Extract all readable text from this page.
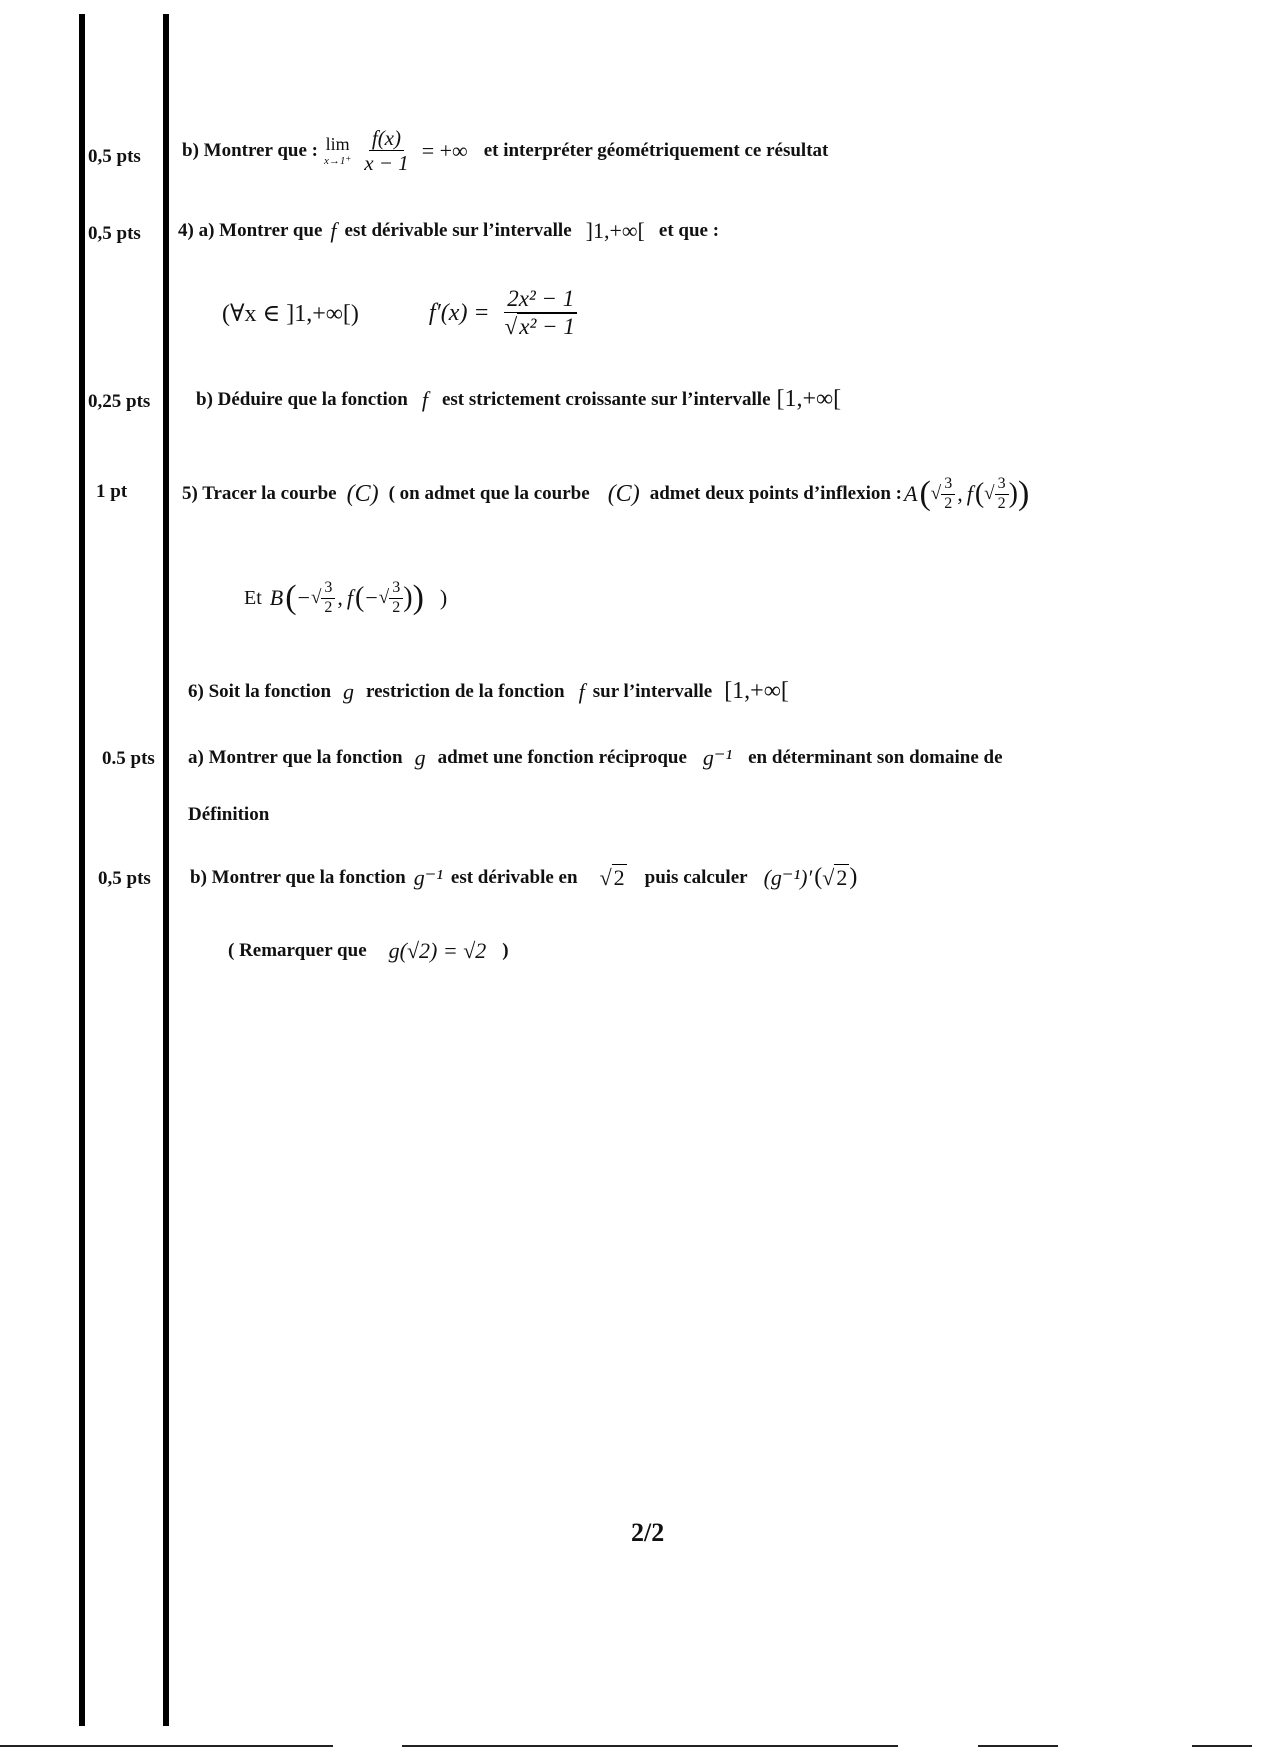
0,5 pts
0,5 pts
0,25 pts
1 pt
0.5 pts
0,5 pts
b) Montrer que : lim
$x\to 1^+ \frac{f(x)}{x - 1}$ = +∞ et interpréter géométriquement ce résultat
4) a) Montrer que f est dérivable sur l’intervalle ]1,+∞[ et que :
(∀x ∈ ]1,+∞[)	$f'(x) = \frac{\text{2x² − 1}}{\text{√ x² − 1}}$
b) Déduire que la fonction f est strictement croissante sur l’intervalle [1,+∞[
5) Tracer la courbe (C) ( on admet que la courbe (C) admet deux points d’inflexion : A ( √ $\frac{3}{2}$ , f ( √ $\frac{3}{2}$ ) )
Et B ( − √ $\frac{3}{2}$ , f ( − √ $\frac{3}{2}$ ) ) )
6) Soit la fonction g restriction de la fonction f sur l’intervalle [1,+∞[
a) Montrer que la fonction g admet une fonction réciproque g⁻¹ en déterminant son domaine de
Définition
b) Montrer que la fonction g⁻¹ est dérivable en √ 2 puis calculer (g⁻¹)′ ( √ 2 )
( Remarquer que g(√2) = √2 )
2/2
